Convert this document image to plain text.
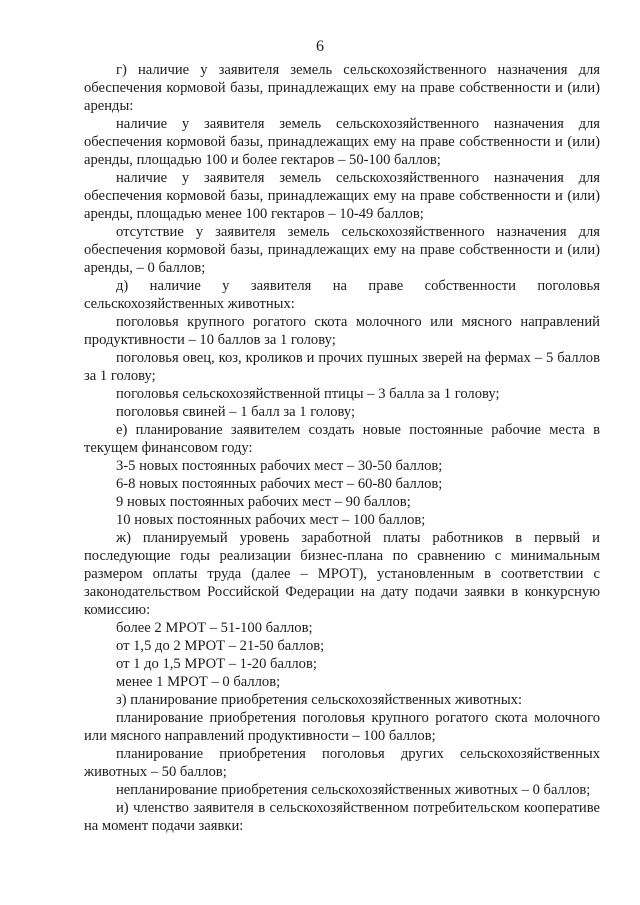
6

г) наличие у заявителя земель сельскохозяйственного назначения для обеспечения кормовой базы, принадлежащих ему на праве собственности и (или) аренды:

наличие у заявителя земель сельскохозяйственного назначения для обеспечения кормовой базы, принадлежащих ему на праве собственности и (или) аренды, площадью 100 и более гектаров – 50-100 баллов;

наличие у заявителя земель сельскохозяйственного назначения для обеспечения кормовой базы, принадлежащих ему на праве собственности и (или) аренды, площадью менее 100 гектаров – 10-49 баллов;

отсутствие у заявителя земель сельскохозяйственного назначения для обеспечения кормовой базы, принадлежащих ему на праве собственности и (или) аренды, – 0 баллов;

д) наличие у заявителя на праве собственности поголовья сельскохозяйственных животных:

поголовья крупного рогатого скота молочного или мясного направлений продуктивности – 10 баллов за 1 голову;

поголовья овец, коз, кроликов и прочих пушных зверей на фермах – 5 баллов за 1 голову;

поголовья сельскохозяйственной птицы – 3 балла за 1 голову;

поголовья свиней – 1 балл за 1 голову;

е) планирование заявителем создать новые постоянные рабочие места в текущем финансовом году:

3-5 новых постоянных рабочих мест – 30-50 баллов;

6-8 новых постоянных рабочих мест – 60-80 баллов;

9 новых постоянных рабочих мест – 90 баллов;

10 новых постоянных рабочих мест – 100 баллов;

ж) планируемый уровень заработной платы работников в первый и последующие годы реализации бизнес-плана по сравнению с минимальным размером оплаты труда (далее – МРОТ), установленным в соответствии с законодательством Российской Федерации на дату подачи заявки в конкурсную комиссию:

более 2 МРОТ – 51-100 баллов;

от 1,5 до 2 МРОТ – 21-50 баллов;

от 1 до 1,5 МРОТ – 1-20 баллов;

менее 1 МРОТ – 0 баллов;

з) планирование приобретения сельскохозяйственных животных:

планирование приобретения поголовья крупного рогатого скота молочного или мясного направлений продуктивности – 100 баллов;

планирование приобретения поголовья других сельскохозяйственных животных – 50 баллов;

непланирование приобретения сельскохозяйственных животных – 0 баллов;

и) членство заявителя в сельскохозяйственном потребительском кооперативе на момент подачи заявки:
